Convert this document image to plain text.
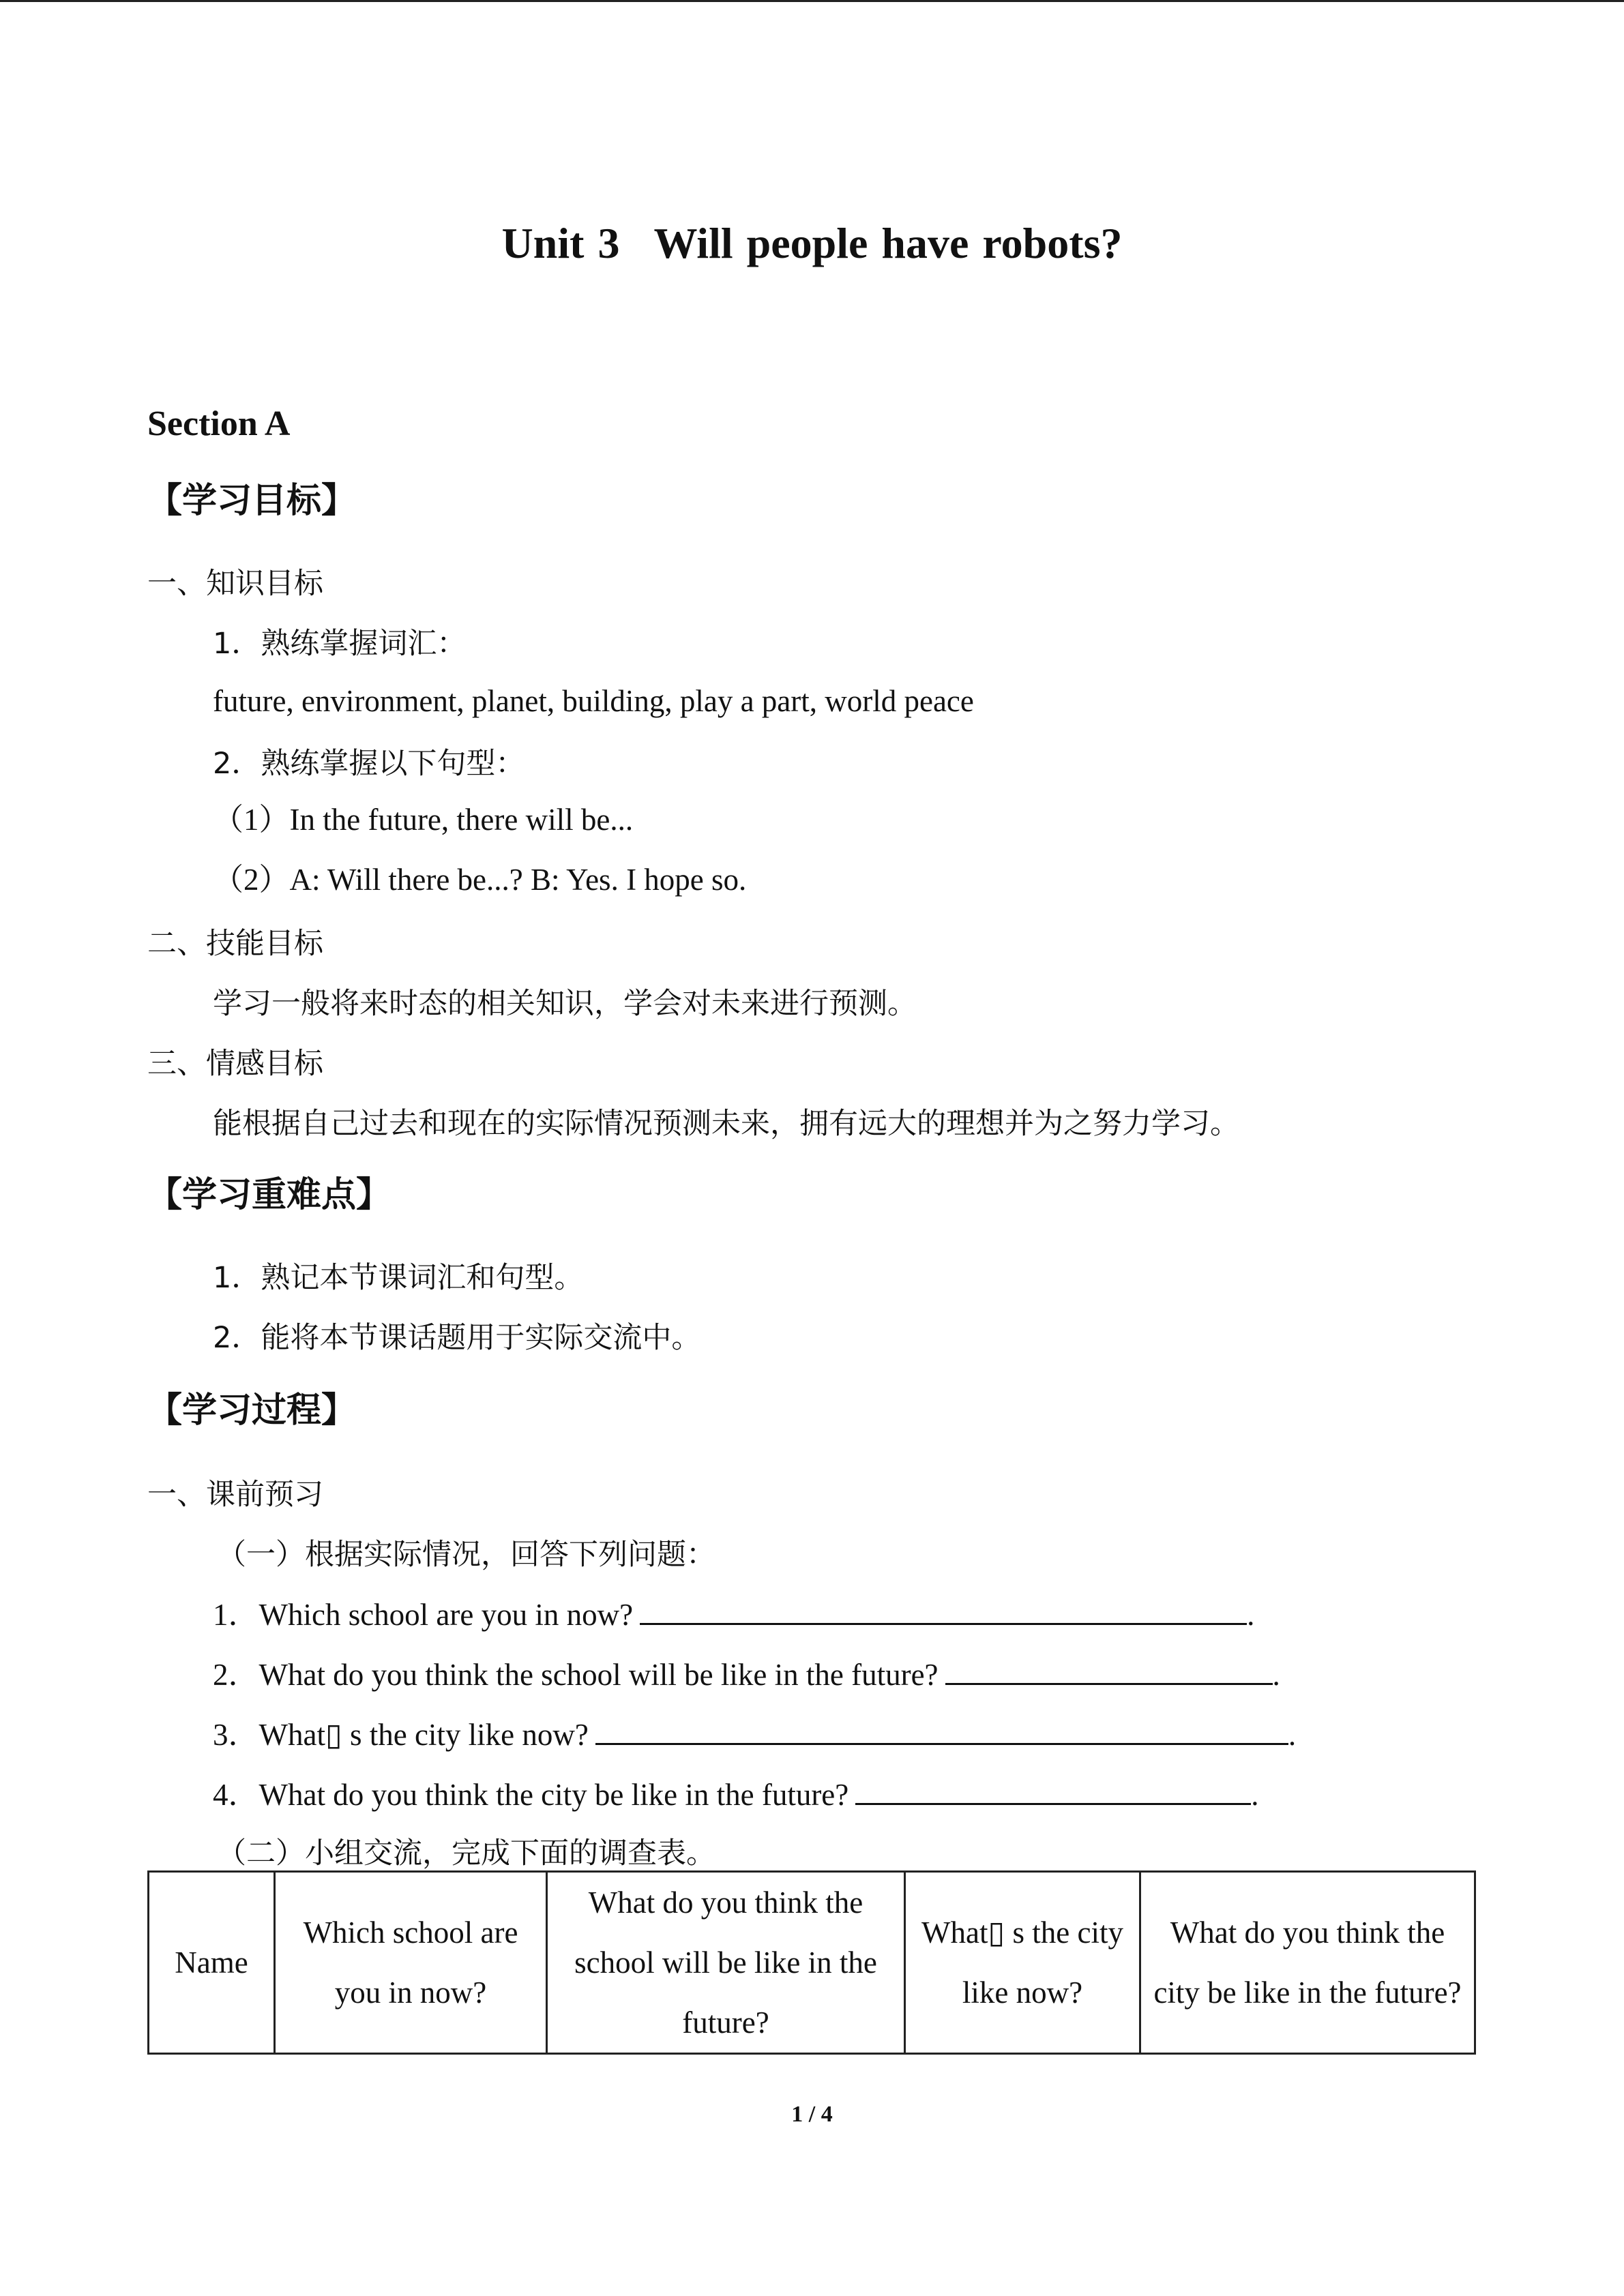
Unit 3 Will people have robots?
Section A
【学习目标】
一、知识目标
1．熟练掌握词汇：
future, environment, planet, building, play a part, world peace
2．熟练掌握以下句型：
（1）In the future, there will be...
（2）A: Will there be...? B: Yes. I hope so.
二、技能目标
学习一般将来时态的相关知识，学会对未来进行预测。
三、情感目标
能根据自己过去和现在的实际情况预测未来，拥有远大的理想并为之努力学习。
【学习重难点】
1．熟记本节课词汇和句型。
2．能将本节课话题用于实际交流中。
【学习过程】
一、课前预习
（一）根据实际情况，回答下列问题：
1．Which school are you in now?	.
2．What do you think the school will be like in the future?	.
3．What▯ s the city like now?	.
4．What do you think the city be like in the future?	.
（二）小组交流，完成下面的调查表。
Name	Which school are you in now?	What do you think the school will be like in the future?	What▯ s the city like now?	What do you think the city be like in the future?
1 / 4
